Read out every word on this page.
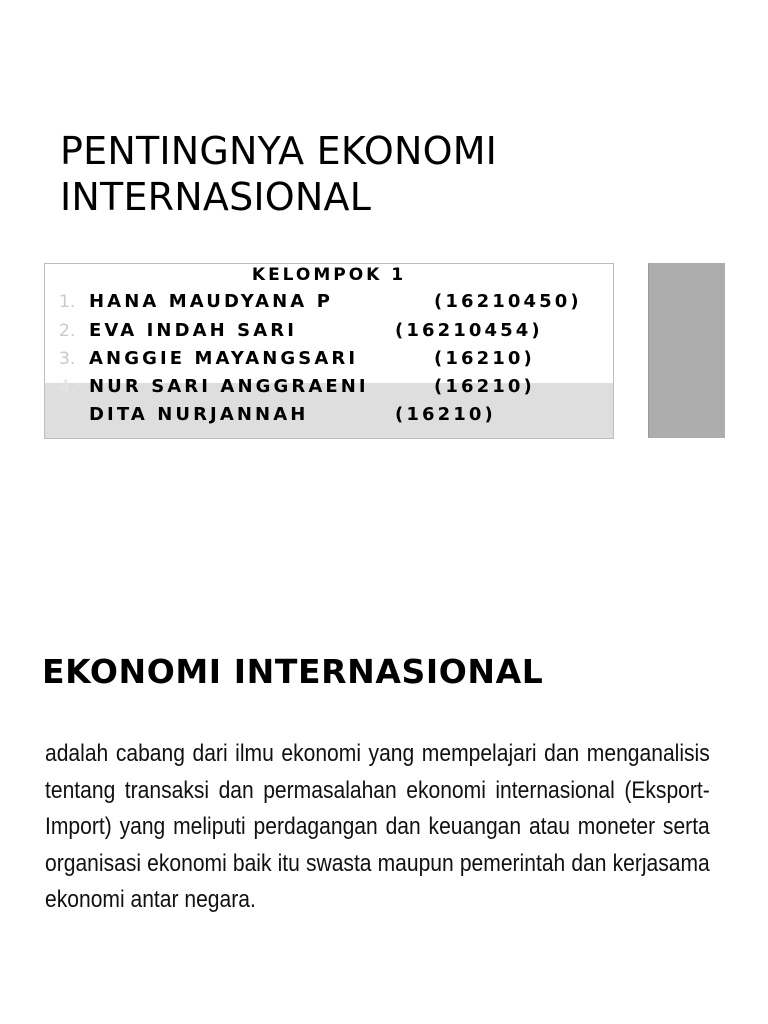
PENTINGNYA EKONOMI
INTERNASIONAL
KELOMPOK 1
1. HANA MAUDYANA P	(16210450)
2. EVA INDAH SARI	(16210454)
3. ANGGIE MAYANGSARI	(16210)
4. NUR SARI ANGGRAENI	(16210)
DITA NURJANNAH	(16210)
EKONOMI INTERNASIONAL
adalah cabang dari ilmu ekonomi yang mempelajari dan menganalisis tentang transaksi dan permasalahan ekonomi internasional (Eksport-Import) yang meliputi perdagangan dan keuangan atau moneter serta organisasi ekonomi baik itu swasta maupun pemerintah dan kerjasama ekonomi antar negara.
